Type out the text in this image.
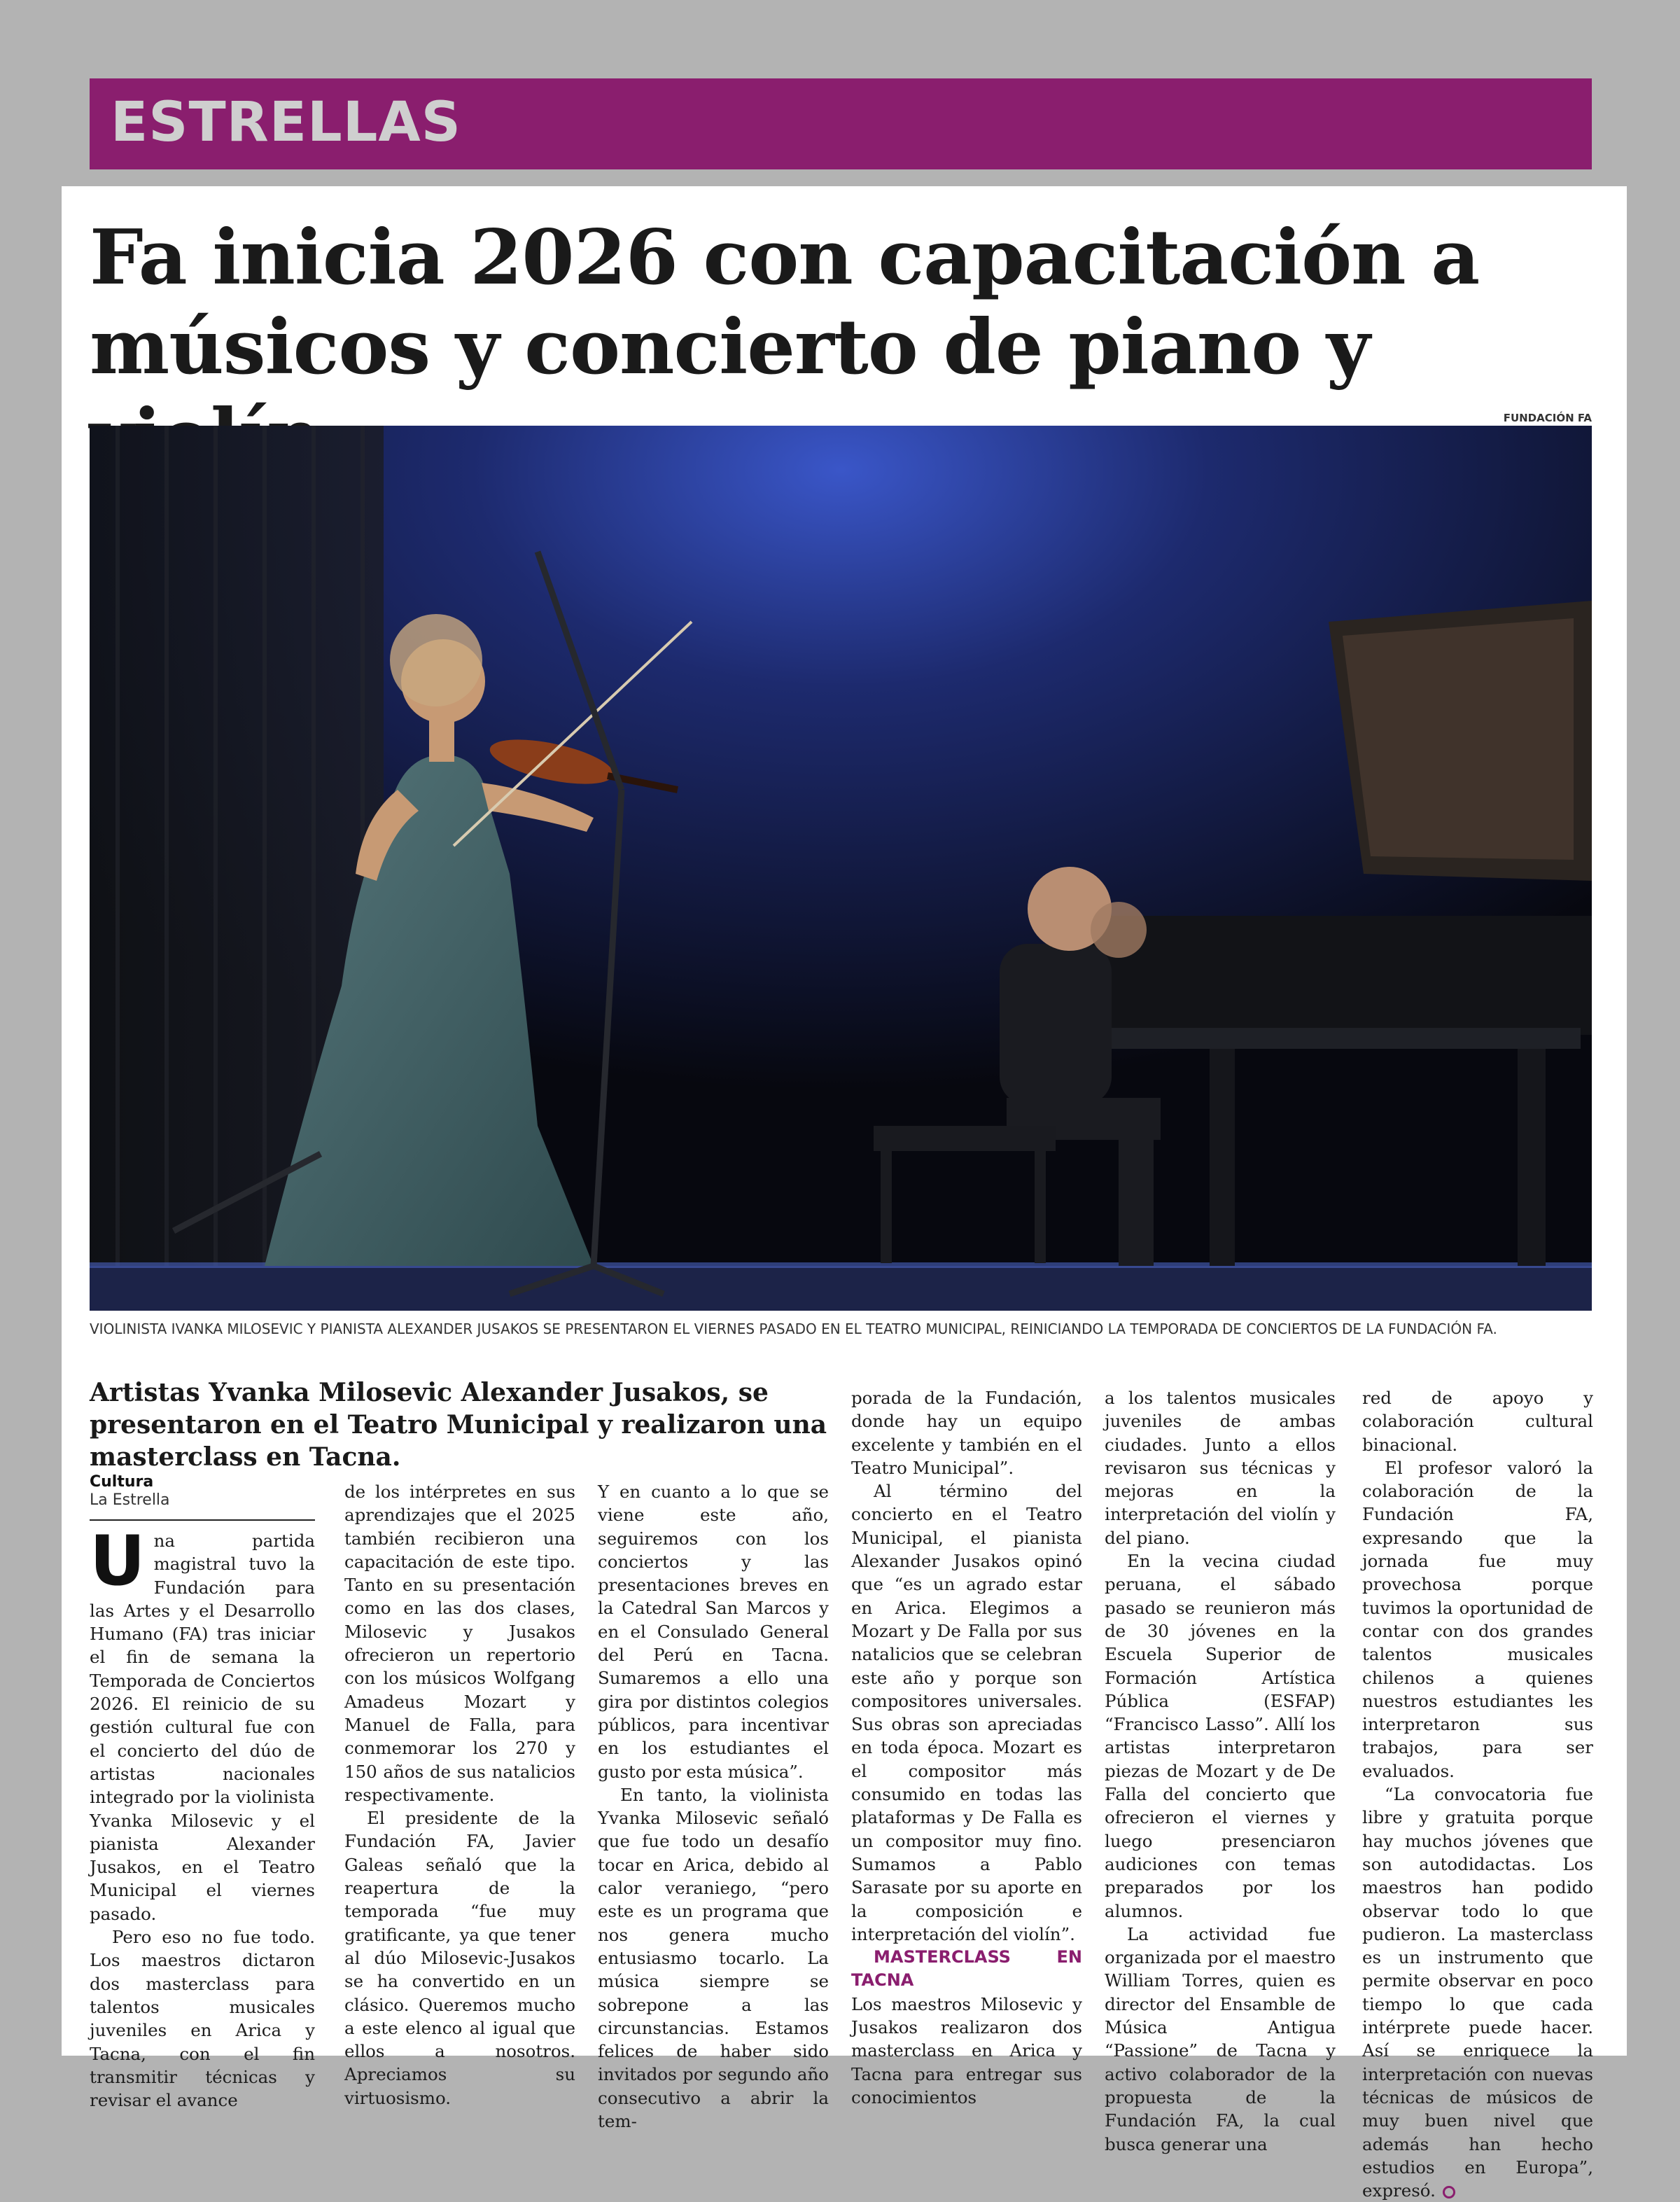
ESTRELLAS
Fa inicia 2026 con capacitación a músicos y concierto de piano y
FUNDACIÓN FA
VIOLINISTA IVANKA MILOSEVIC Y PIANISTA ALEXANDER JUSAKOS SE PRESENTARON EL VIERNES PASADO EN EL TEATRO MUNICIPAL, REINICIANDO LA TEMPORADA DE CONCIERTOS DE LA FUNDACIÓN FA.
Artistas Yvanka Milosevic Alexander Jusakos, se presentaron en el Teatro Municipal y realizaron una masterclass en Tacna.
Cultura
La Estrella

Una partida magistral tuvo la Fundación para las Artes y el Desarrollo Humano (FA) tras iniciar el fin de semana la Temporada de Conciertos 2026. El reinicio de su gestión cultural fue con el concierto del dúo de artistas nacionales integrado por la violinista Yvanka Milosevic y el pianista Alexander Jusakos, en el Teatro Municipal el viernes pasado.

Pero eso no fue todo. Los maestros dictaron dos masterclass para talentos musicales juveniles en Arica y Tacna, con el fin transmitir técnicas y revisar el avance

de los intérpretes en sus aprendizajes que el 2025 también recibieron una capacitación de este tipo. Tanto en su presentación como en las dos clases, Milosevic y Jusakos ofrecieron un repertorio con los músicos Wolfgang Amadeus Mozart y Manuel de Falla, para conmemorar los 270 y 150 años de sus natalicios respectivamente.

El presidente de la Fundación FA, Javier Galeas señaló que la reapertura de la temporada “fue muy gratificante, ya que tener al dúo Milosevic-Jusakos se ha convertido en un clásico. Queremos mucho a este elenco al igual que ellos a nosotros. Apreciamos su virtuosismo.

Y en cuanto a lo que se viene este año, seguiremos con los conciertos y las presentaciones breves en la Catedral San Marcos y en el Consulado General del Perú en Tacna. Sumaremos a ello una gira por distintos colegios públicos, para incentivar en los estudiantes el gusto por esta música”.

En tanto, la violinista Yvanka Milosevic señaló que fue todo un desafío tocar en Arica, debido al calor veraniego, “pero este es un programa que nos genera mucho entusiasmo tocarlo. La música siempre se sobrepone a las circunstancias. Estamos felices de haber sido invitados por segundo año consecutivo a abrir la tem-

porada de la Fundación, donde hay un equipo excelente y también en el Teatro Municipal”.

Al término del concierto en el Teatro Municipal, el pianista Alexander Jusakos opinó que “es un agrado estar en Arica. Elegimos a Mozart y De Falla por sus natalicios que se celebran este año y porque son compositores universales. Sus obras son apreciadas en toda época. Mozart es el compositor más consumido en todas las plataformas y De Falla es un compositor muy fino. Sumamos a Pablo Sarasate por su aporte en la composición e interpretación del violín”.

MASTERCLASS EN TACNA

Los maestros Milosevic y Jusakos realizaron dos masterclass en Arica y Tacna para entregar sus conocimientos

a los talentos musicales juveniles de ambas ciudades. Junto a ellos revisaron sus técnicas y mejoras en la interpretación del violín y del piano.

En la vecina ciudad peruana, el sábado pasado se reunieron más de 30 jóvenes en la Escuela Superior de Formación Artística Pública (ESFAP) “Francisco Lasso”. Allí los artistas interpretaron piezas de Mozart y de De Falla del concierto que ofrecieron el viernes y luego presenciaron audiciones con temas preparados por los alumnos.

La actividad fue organizada por el maestro William Torres, quien es director del Ensamble de Música Antigua “Passione” de Tacna y activo colaborador de la propuesta de la Fundación FA, la cual busca generar una

red de apoyo y colaboración cultural binacional.

El profesor valoró la colaboración de la Fundación FA, expresando que la jornada fue muy provechosa porque tuvimos la oportunidad de contar con dos grandes talentos musicales chilenos a quienes nuestros estudiantes les interpretaron sus trabajos, para ser evaluados.

“La convocatoria fue libre y gratuita porque hay muchos jóvenes que son autodidactas. Los maestros han podido observar todo lo que pudieron. La masterclass es un instrumento que permite observar en poco tiempo lo que cada intérprete puede hacer. Así se enriquece la interpretación con nuevas técnicas de músicos de muy buen nivel que además han hecho estudios en Europa”, expresó.
